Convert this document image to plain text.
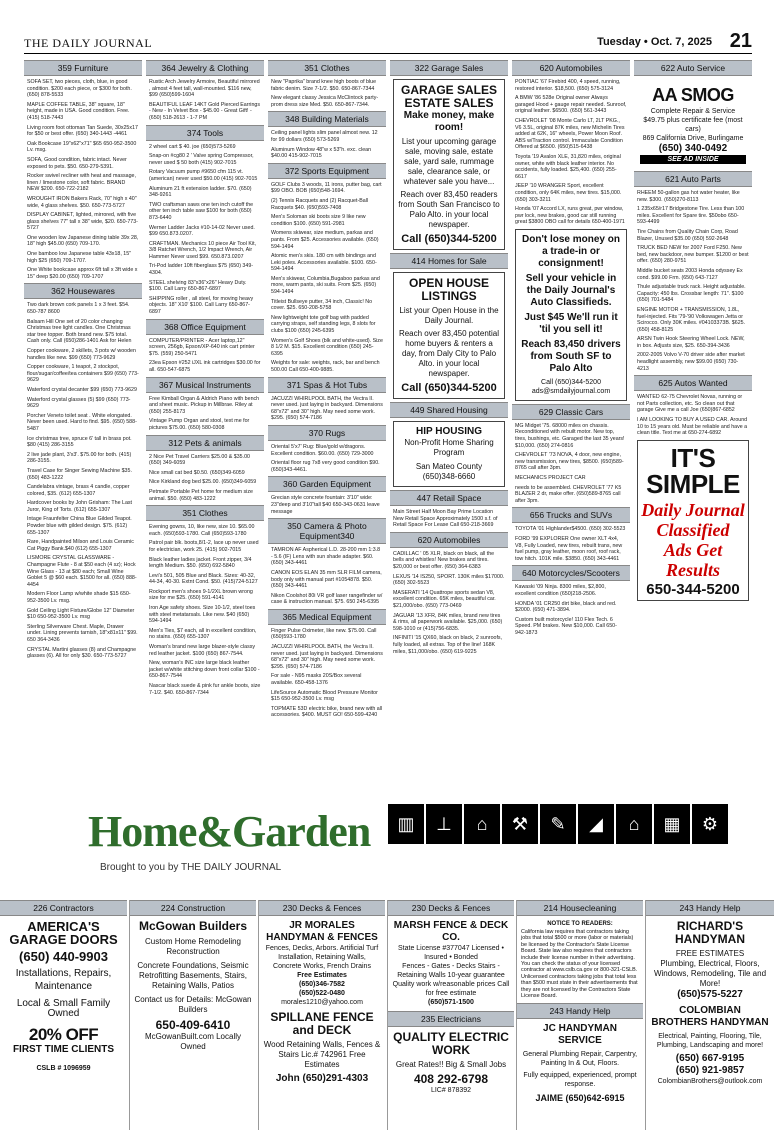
THE DAILY JOURNAL	Tuesday • Oct. 7, 2025 21
359 Furniture
SOFA SET, two pieces, cloth, blue, in good condition. $200 each piece, or $300 for both. (650) 878-5533
MAPLE COFFEE TABLE, 38" square, 18" height, made in USA. Good condition. Free.(415) 518-7443
Living room foot ottoman Tan Suede, 30x25x17 for $50 or best offer. (650) 340-1443 -4461
Oak Bookcase 19"x62"x71" $65 650-952-3500 Lv. msg.
SOFA, Good condition, fabric intact. Never exposed to pets. $50. 650-279-5391.
Rocker swivel recliner with heat and massage, linen / limestone color, soft fabric. BRAND NEW $200. 650-722-2182
WROUGHT IRON Bakers Rack, 70" high x 40" wide, 4 glass shelves. $50. 650-773-5727
DISPLAY CABINET, lighted, mirrored, with five glass shelves 77" tall x 38" wide, $20. 650-773-5727
One wooden low Japanese dining table 39x 28, 18" high $45.00 (650) 709-170.
One bamboo low Japanese table 43x18, 15" high $25 (650) 709-1707.
One White bookcase approx 6ft tall x 3ft wide x 15" deep $20.00 (650) 709-1707
362 Housewares
Two dark brown cork panels 1 x 3 feet. $54. 650-787 8600
Balsam Hill One set of 20 color changing Christmas tree light candles. One Christmas star tree topper. Both brand new. $75 total. Cash only. Call (650)286-1401 Ask for Helen
Copper cookware, 2 skillets, 3 pots w/ wooden handles like new. $99 (650) 773-9629
Copper cookware, 1 teapot, 2 stockpot, flour/sugar/coffee/tea containers $99 (650) 773-9629
Waterford crystal decanter $99 (650) 773-9629
Waterford crystal glasses (5) $99 (650) 773-9629
Porcher Veneto toilet seat . White elongated. Never been used. Hard to find. $95. (650) 588-5487
Ice christmas tree, spruce 6' tall in brass pot. $80 (415) 286-3155
2 live jade plant, 3'x3'. $75.00 for both. (415) 286-3155.
Travel Case for Singer Sewing Machine $35. (650) 483-1222
Candelabra vintage, brass 4 candle, copper colored, $35. (612) 655-1307
Hardcover books by John Grisham: The Last Juror, King of Torts. (612) 655-1307
Intage Fraunfelter China Blue Gilded Teapot. Powder blue with gilded design. $75. (612) 655-1307
Rare, Handpainted Milson and Louis Ceramic Cat Piggy Bank.$40 (612) 655-1307
LISMORE CRYSTAL GLASSWARE - Champagne Flute - 8 at $50 each (4 sz); Hock Wine Glass - 13 at $80 each; Small Wine Goblet 5 @ $60 each. $1500 for all. (650) 888-4454
Modern Floor Lamp w/white shade $15 650-952-3500 Lv. msg.
Gold Ceiling Light Fixture/Globe 12" Diameter $10 650-952-3500 Lv. msg
Sterling Silverware Chest. Maple, Drawer under. Lining prevents tarnish, 18"x81x11" $99. 650 364-3436
CRYSTAL Martini glasses (8) and Champagne glasses (6). All for only $30. 650-773-5727
364 Jewelry & Clothing
Rustic Arch Jewelry Armoire, Beautiful mirrored , almost 4 feet tall, wall-mounted. $116 new, $99 (650)599-1604
BEAUTIFUL LEAF 14KT Gold Pierced Earrings - New - In Velvet Box - $45.00 - Great Gift! - (650) 518-2613 - 1-7 PM
374 Tools
2 wheel cart $ 40. joe (650)573-5269
Snap-on #cg80 2 ' Valve spring Compressor, never used $ 50 both (415) 902-7015
Rotary Vacuum pump #9650 cfm 115 vt. (american) never used $50.00 (415) 902-7015
Aluminum 21 ft extension ladder. $70. (650) 348-9261
TWO craftsman saws one ten inch cutoff the other ten inch table saw $100 for both (650) 873-6440
Werner Ladder Jacks #10-14-02 Never used. $99 650.873.0207.
CRAFTMAN. Mechanics 10 piece Air Tool Kit, 3/8 Ratchet Wrench, 1/2 Impact Wrench, Air Hammer Never used $99. 650.873.0207
Tri-Pod ladder 10ft fiberglass $75 (650) 349-4304.
STEEL shelving 83"x36"x26" Heavy Duty. $100. Call Larry 650-867-6897
SHIPPING roller , all steel, for moving heavy objects. 18" X10' $100. Call Larry 650-867-6897
368 Office Equipment
COMPUTER/PRINTER - Acer laptop,12" screen, 256gb, Epson/XP-640 ink cart printer $75. (559) 250-5471
23ea Epson #252 iJXL ink cartridges $30.00 for all. 650-547-6875
367 Musical Instruments
Free Kimball Organ & Aldrich Piano with bench and sheet music. Pickup in Millbrae. Riley at (650) 255-8173
Vintage Pump Organ and stool, text me for pictures $75.00. (650) 580-0308
312 Pets & animals
2 Nice Pet Travel Carriers $25.00 & $35.00 (650) 349-6059
Nice small cat bed $0.50. (650)349-6059
Nice Kirkland dog bed $25.00. (650)349-6059
Petmate Portable Pet home for medium size animal. $50. (650) 483-1222
351 Clothes
Evening gowns, 10, like new, size 10. $65.00 each. (650)593-1780. Call (650)593-1780
Patrol pair blk. boots,8/1-2, lace up never used for electrician, work 25. (415) 902-7015
Black leather ladies jacket. Front zipper, 3/4 length Medium. $50. (650) 692-5840
Levi's 501, 505 Blue and Black. Sizes: 40-32, 44-34, 40-30. Extnt Cond. $50. (415)724-5127
Rockport men's shoes 9-1/2XL brown wrong size for me $25. (650) 591-4141
Iron Age safety shoes. Size 10-1/2, steel toes with steel metatarsals. Like new. $40 (650) 594-1494
Men's Ties, $7 each, all in excellent condition, no stains. (650) 655-1307
Woman's brand new large blazer-style classy red leather jacket. $100 (650) 867-7544.
New, woman's INC size large black leather jacket w/white stitching down front collar $100 - 650-867-7544
Nascar black suede & pink fur ankle boots, size 7-1/2. $40. 650-867-7344
351 Clothes
New "Paprika" brand knee high boots of blue fabric denim. Size 7-1/2. $50. 650-867-7344
New elegant classy Jessica McClintock party-prom dress size Med. $50. 650-867-7344.
348 Building Materials
Ceiling panel lights slim panel almost new. 12 for 99 dollars (650) 573-5269
Aluminum Window 48"w x 53"h. exc. clean $40.00 415-902-7015
372 Sports Equipment
GOLF Clubs 3 woods, 11 irons, putter bag, cart $99 OBO. BOB (650)548-1694.
(2) Tennis Racquets and (2) Racquet-Ball Racquets $40. (650)593-7408
Men's Soloman ski boots size 9 like new condition $100. (650) 591-2981
Womens skiwear, size medium, parkas and pants. From $25. Accessories available. (650) 594-1494
Atomic men's skis. 180 cm with bindings and Leki poles. Accessories available. $100. 650-594-1494
Men's skiwear, Columbia,Bugaboo parkas and more, warm pants, ski suits. From $25. (650) 594-1494
Titleist Bullseye putter, 34 inch, Classic! No cover. $25. 650-208-5758
New lightweight tote golf bag with padded carrying straps, self standing legs, 8 slots for clubs $100 (650) 245-6395
Women's Golf Shoes (blk and white-used). Size 8 1/2 M. $15. Excellent condition (650) 245-6395
Weights for sale: weights, rack, bar and bench 500.00 Call 650-400-9885.
371 Spas & Hot Tubs
JACUZZI WHIRLPOOL BATH, the Vectra II. never used. just laying in backyard. Dimensions 68"x72" and 30" high. May need some work. $295. (650) 574-7186
370 Rugs
Oriental 5'x7' Rug: Blue/gold w/dragons. Excellent condition. $60.00. (650) 729-3000
Oriental floor rug 7x8 very good condition $90. (650)343-4461.
360 Garden Equipment
Grecian style concrete fountain: 3'10" wide: 23"deep and 3'10"tall $40 650-343-0631 leave message
350 Camera & Photo Equipment340
TAMRON AF Aspherical L.D. 28-200 mm 1:3.8 - 5.6 (IF) Lens with sun shade adapter. $60.(650) 343-4461
CANON EOS ELAN 35 mm SLR FILM camera, body only with manual part #1054878. $50. (650) 343-4461
Nikon Coolshot 80i VR golf laser rangefinder w/ case & instruction manual. $75. 650 245-6395
365 Medical Equipment
Finger Pulse Oximeter, like new. $75.00. Call (650)593-1780
JACUZZI WHIRLPOOL BATH, the Vectra II. never used. just laying in backyard. Dimensions 68"x72" and 30" high. May need some work. $295. (650) 574-7186
For sale - N95 masks 20S/Box several available. 650-458-1376
LifeSource Automatic Blood Pressure Monitor $15 650-952-3500 Lv. msg
TOPMATE 53D electric bike, brand new with all accessories. $400. MUST GO! 650-599-4240
322 Garage Sales
GARAGE SALES ESTATE SALES
Make money, make room!
List your upcoming garage sale, moving sale, estate sale, yard sale, rummage sale, clearance sale, or whatever sale you have...
Reach over 83,450 readers from South San Francisco to Palo Alto. in your local newspaper.
Call (650)344-5200
414 Homes for Sale
OPEN HOUSE LISTINGS
List your Open House in the Daily Journal.
Reach over 83,450 potential home buyers & renters a day, from Daly City to Palo Alto. in your local newspaper.
Call (650)344-5200
449 Shared Housing
HIP HOUSING
Non-Profit Home Sharing Program
San Mateo County
(650)348-6660
447 Retail Space
Main Street Half Moon Bay Prime Location New Retail Space Approximately 1500 s.f. of Retail Space For Lease Call 650-218-3669
620 Automobiles
CADILLAC ' 05 XLR, black on black, all the bells and whistles! New brakes and tires. $20,000 or best offer. (650) 364-6383
LEXUS '14 IS250, SPORT. 130K miles $17000. (650) 302-5523
MASERATI '14 Quattrope sports sedan V8, excellent condition. 65K miles, beautiful car. $21,000/obo. (650) 773-0469
JAGUAR '13 XFR, 84K miles, brand new tires & rims, all paperwork available. $25,000. (650) 598-1010 or (415)756-6835.
INFINITI '15 QX60, black on black, 2 sunroofs, fully loaded, all extras. Top of the line! 168K miles, $11,000/obo. (650) 619-9225
620 Automobiles
PONTIAC '67 Firebird 400, 4 speed, running, restored interior. $18,500. (650) 575-3124
A BMW '86 528e Original owner Always garaged Hood + gauge repair needed. Sunroof, original leather. $6500. (650) 561-3443
CHEVROLET '08 Monte Carlo LT, 2LT PKG., V6 3.5L, original 87K miles, new Michelin Tires added at 62K, 16" wheels, Power Moon Roof. ABS w/Traction control. Immaculate Condition Offered at $6500. (650)515-6438
Toyota '19 Avalon XLE, 31,820 miles, original owner, white with black leather interior. No accidents, fully loaded. $25,400. (650) 255-6617
JEEP '10 WRANGER Sport, excellent condition, only 64K miles, new tires. $15,000. (650) 303-3211
Honda '07 Accord LX, runs great, pwr window, pwr lock, new brakes, good car still running great $3800 OBO call for details 650-400-1971
Don't lose money on a trade-in or consignment!
Sell your vehicle in the Daily Journal's Auto Classifieds.
Just $45 We'll run it 'til you sell it!
Reach 83,450 drivers from South SF to Palo Alto
Call (650)344-5200 ads@smdailyjournal.com
629 Classic Cars
MG Midget '75. 68000 miles on chassis. Reconditioned with rebuilt motor. New top, tires, bushings, etc. Garaged the last 35 years! $10,000. (650) 274-0816
CHEVROLET '73 NOVA, 4 door, new engine, new transmission, new tires, $8500. (650)589-8765 call after 3pm.
MECHANICS PROJECT CAR
needs to be assembled. CHEVROLET '77 K5 BLAZER 2 dr, make offer. (650)589-8765 call after 3pm.
656 Trucks and SUVs
TOYOTA '01 Highlander$4500. (650) 302-5523
FORD '99 EXPLORER One owner XLT 4x4, V8, Fully Loaded, new tires, rebuilt trans, new fuel pump, gray leather, moon roof, roof rack, tow hitch. 101K mile. $3850. (650) 343-4461
640 Motorcycles/Scooters
Kawaski '09 Ninja. 8300 miles, $2,800, excellent condition (650)218-2506.
HONDA '01 CR250 dirt bike, black and red. $2000. (650) 471-3894.
Custom built motorcycle! 110 Flex Tech. 6 Speed. PM brakes. New $10,000. Call 650-942-1873
622 Auto Service
AA SMOG
Complete Repair & Service
$49.75 plus certificate fee (most cars)
869 California Drive, Burlingame
(650) 340-0492
SEE AD INSIDE
621 Auto Parts
RHEEM 50-gallon gas hot water heater, like new. $300. (650)270-8113
1 235x65/r17 Bridgestone Tire. Less than 100 miles. Excellent for Spare tire. $50obo 650-593-4499
Tire Chains from Quality Chain Corp, Road Blazer, Unused $35.00 (650) 592-2648
TRUCK BED NEW for 2007 Ford F250. New bed, new backdoor, new bumper. $1200 or best offer. (650) 280-9751
Middle bucket seats 2003 Honda odyssey Ex cond. $99.00 Frm. (650) 643-7127
Thule adjustable truck rack. Height adjustable. Capacity: 450 lbs. Crossbar length: 71". $100 (650) 701-5484
ENGINE MOTOR + TRANSMISSION, 1.8L, fuel-injected. Fits '79-'90 Volkswagen Jetta or Scirocco. Only 30K miles. #04103373B. $625. (650) 458-8125
ARSN Twin Hook Steering Wheel Lock. NEW, in box. Adjusts size, $25. 650-394-3436
2002-2005 Volvo V-70 driver side after market headlight assembly, new $99.00 (650) 730-4213
625 Autos Wanted
WANTED 62-75 Chevrolet Novas, running or not Parts collection, etc. So clean out that garage Give me a call Joe (650)867-6852
I AM LOOKING TO BUY A USED CAR. Around 10 to 15 years old. Must be reliable and have a clean title. Text me at 650-274-6892
IT'S SIMPLE
Daily Journal Classified Ads Get Results
650-344-5200
Home&Garden
Brought to you by THE DAILY JOURNAL
▥	⊥	⌂	⚒	✎	◢	⌂	▦	⚙
226 Contractors
AMERICA'S GARAGE DOORS
(650) 440-9903
Installations, Repairs, Maintenance
Local & Small Family Owned
20% OFF
FIRST TIME CLIENTS
CSLB # 1096959
224 Construction
McGowan Builders
Custom Home Remodeling Reconstruction
Concrete Foundations, Seismic Retrofitting Basements, Stairs, Retaining Walls, Patios
Contact us for Details: McGowan Builders
650-409-6410
McGowanBuilt.com Locally Owned
230 Decks & Fences
JR MORALES HANDYMAN & FENCES
Fences, Decks, Arbors. Artificial Turf Installation, Retaining Walls, Concrete Works, French Drains
Free Estimates
(650)346-7582
(650)522-0480
morales1210@yahoo.com
SPILLANE FENCE and DECK
Wood Retaining Walls, Fences & Stairs Lic.# 742961 Free Estimates
John (650)291-4303
230 Decks & Fences
MARSH FENCE & DECK CO.
State License #377047 Licensed • Insured • Bonded
Fences - Gates - Decks Stairs - Retaining Walls 10-year guarantee
Quality work w/reasonable prices Call for free estimate
(650)571-1500
235 Electricians
QUALITY ELECTRIC WORK
Great Rates!! Big & Small Jobs
408 292-6798
LIC# 878392
214 Housecleaning
NOTICE TO READERS:
California law requires that contractors taking jobs that total $500 or more (labor or materials) be licensed by the Contractor's State License Board. State law also requires that contractors include their license number in their advertising. You can check the status of your licensed contractor at www.cslb.ca.gov or 800-321-CSLB. Unlicensed contractors taking jobs that total less than $500 must state in their advertisements that they are not licensed by the Contractors State License Board.
243 Handy Help
JC HANDYMAN SERVICE
General Plumbing Repair, Carpentry, Painting In & Out, Floors.
Fully equipped, experienced, prompt response.
JAIME (650)642-6915
243 Handy Help
RICHARD'S HANDYMAN
FREE ESTIMATES
Plumbing, Electrical, Floors, Windows, Remodeling, Tile and More!
(650)575-5227
COLOMBIAN BROTHERS HANDYMAN
Electrical, Painting, Flooring, Tile, Plumbing, Landscaping and more!
(650) 667-9195
(650) 921-9857
ColombianBrothers@outlook.com
